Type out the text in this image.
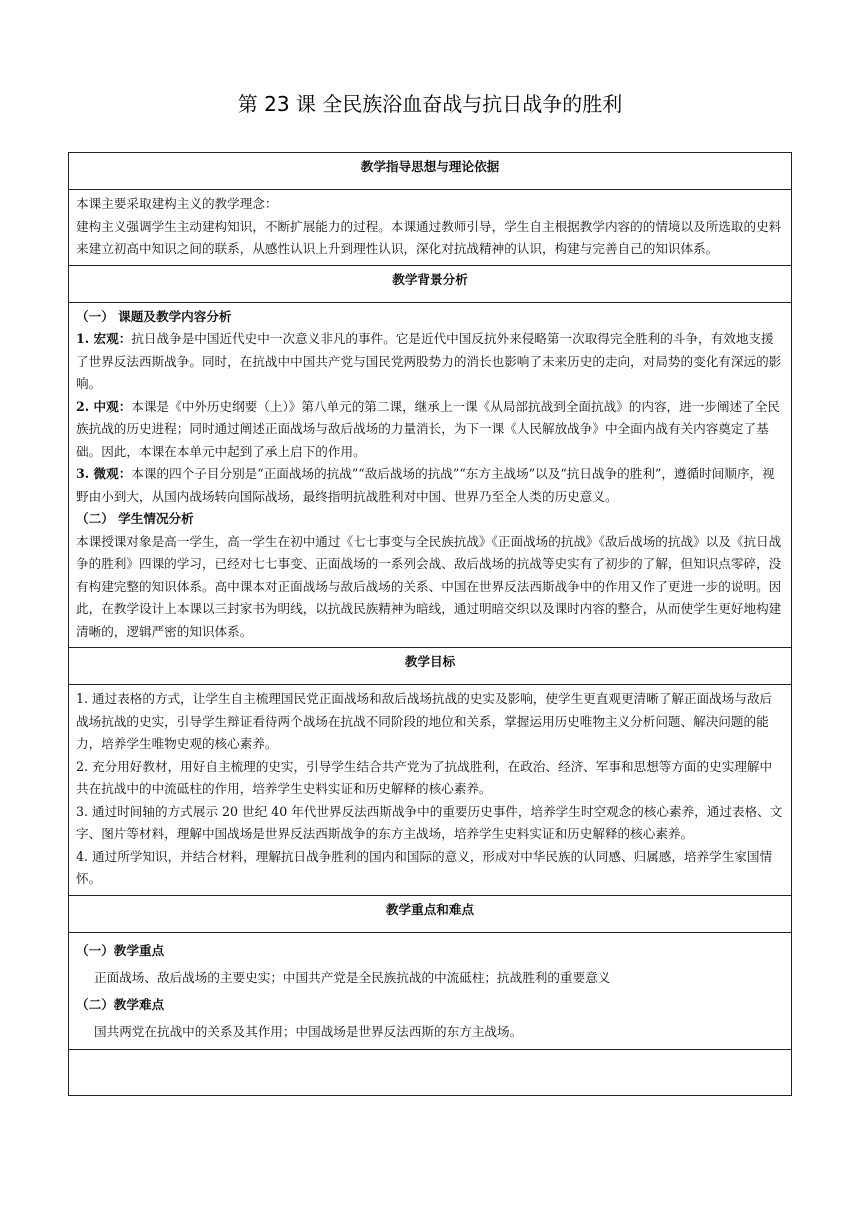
第 23 课 全民族浴血奋战与抗日战争的胜利
教学指导思想与理论依据

本课主要采取建构主义的教学理念：

建构主义强调学生主动建构知识，不断扩展能力的过程。本课通过教师引导，学生自主根据教学内容的的情境以及所选取的史料来建立初高中知识之间的联系，从感性认识上升到理性认识，深化对抗战精神的认识，构建与完善自己的知识体系。

教学背景分析

（一） 课题及教学内容分析

1. 宏观：抗日战争是中国近代史中一次意义非凡的事件。它是近代中国反抗外来侵略第一次取得完全胜利的斗争，有效地支援了世界反法西斯战争。同时，在抗战中中国共产党与国民党两股势力的消长也影响了未来历史的走向，对局势的变化有深远的影响。

2. 中观：本课是《中外历史纲要（上）》第八单元的第二课，继承上一课《从局部抗战到全面抗战》的内容，进一步阐述了全民族抗战的历史进程；同时通过阐述正面战场与敌后战场的力量消长，为下一课《人民解放战争》中全面内战有关内容奠定了基础。因此，本课在本单元中起到了承上启下的作用。

3. 微观：本课的四个子目分别是“正面战场的抗战”“敌后战场的抗战”“东方主战场”以及“抗日战争的胜利”，遵循时间顺序，视野由小到大，从国内战场转向国际战场，最终指明抗战胜利对中国、世界乃至全人类的历史意义。

（二） 学生情况分析

本课授课对象是高一学生，高一学生在初中通过《七七事变与全民族抗战》《正面战场的抗战》《敌后战场的抗战》以及《抗日战争的胜利》四课的学习，已经对七七事变、正面战场的一系列会战、敌后战场的抗战等史实有了初步的了解，但知识点零碎，没有构建完整的知识体系。高中课本对正面战场与敌后战场的关系、中国在世界反法西斯战争中的作用又作了更进一步的说明。因此，在教学设计上本课以三封家书为明线，以抗战民族精神为暗线，通过明暗交织以及课时内容的整合，从而使学生更好地构建清晰的，逻辑严密的知识体系。

教学目标

1. 通过表格的方式，让学生自主梳理国民党正面战场和敌后战场抗战的史实及影响，使学生更直观更清晰了解正面战场与敌后战场抗战的史实，引导学生辩证看待两个战场在抗战不同阶段的地位和关系，掌握运用历史唯物主义分析问题、解决问题的能力，培养学生唯物史观的核心素养。

2. 充分用好教材，用好自主梳理的史实，引导学生结合共产党为了抗战胜利，在政治、经济、军事和思想等方面的史实理解中共在抗战中的中流砥柱的作用，培养学生史料实证和历史解释的核心素养。

3. 通过时间轴的方式展示 20 世纪 40 年代世界反法西斯战争中的重要历史事件，培养学生时空观念的核心素养，通过表格、文字、图片等材料，理解中国战场是世界反法西斯战争的东方主战场，培养学生史料实证和历史解释的核心素养。

4. 通过所学知识，并结合材料，理解抗日战争胜利的国内和国际的意义，形成对中华民族的认同感、归属感，培养学生家国情怀。

教学重点和难点

（一）教学重点

正面战场、敌后战场的主要史实；中国共产党是全民族抗战的中流砥柱；抗战胜利的重要意义

（二）教学难点

国共两党在抗战中的关系及其作用；中国战场是世界反法西斯的东方主战场。
